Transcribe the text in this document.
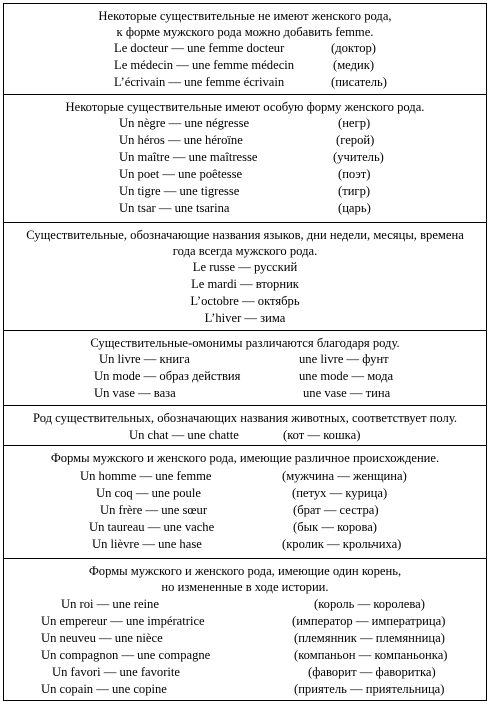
Некоторые существительные не имеют женского рода,
к форме мужского рода можно добавить femme.
Le docteur — une femme docteur	(доктор)
Le médecin — une femme médecin	(медик)
L’écrivain — une femme écrivain	(писатель)
Некоторые существительные имеют особую форму женского рода.
Un nègre — une négresse	(негр)
Un héros — une héroïne	(герой)
Un maître — une maîtresse	(учитель)
Un poet — une poêtesse	(поэт)
Un tigre — une tigresse	(тигр)
Un tsar — une tsarina	(царь)
Существительные, обозначающие названия языков, дни недели, месяцы, времена
года всегда мужского рода.
Le russe — русский
Le mardi — вторник
L’octobre — октябрь
L’hiver — зима
Существительные-омонимы различаются благодаря роду.
Un livre — книга	une livre — фунт
Un mode — образ действия	une mode — мода
Un vase — ваза	une vase — тина
Род существительных, обозначающих названия животных, соответствует полу.
Un chat — une chatte	(кот — кошка)
Формы мужского и женского рода, имеющие различное происхождение.
Un homme — une femme	(мужчина — женщина)
Un coq — une poule	(петух — курица)
Un frère — une sœur	(брат — сестра)
Un taureau — une vache	(бык — корова)
Un lièvre — une hase	(кролик — крольчиха)
Формы мужского и женского рода, имеющие один корень,
но измененные в ходе истории.
Un roi — une reine	(король — королева)
Un empereur — une impératrice	(император — императрица)
Un neuveu — une nièce	(племянник — племянница)
Un compagnon — une compagne	(компаньон — компаньонка)
Un favori — une favorite	(фаворит — фаворитка)
Un copain — une copine	(приятель — приятельница)
